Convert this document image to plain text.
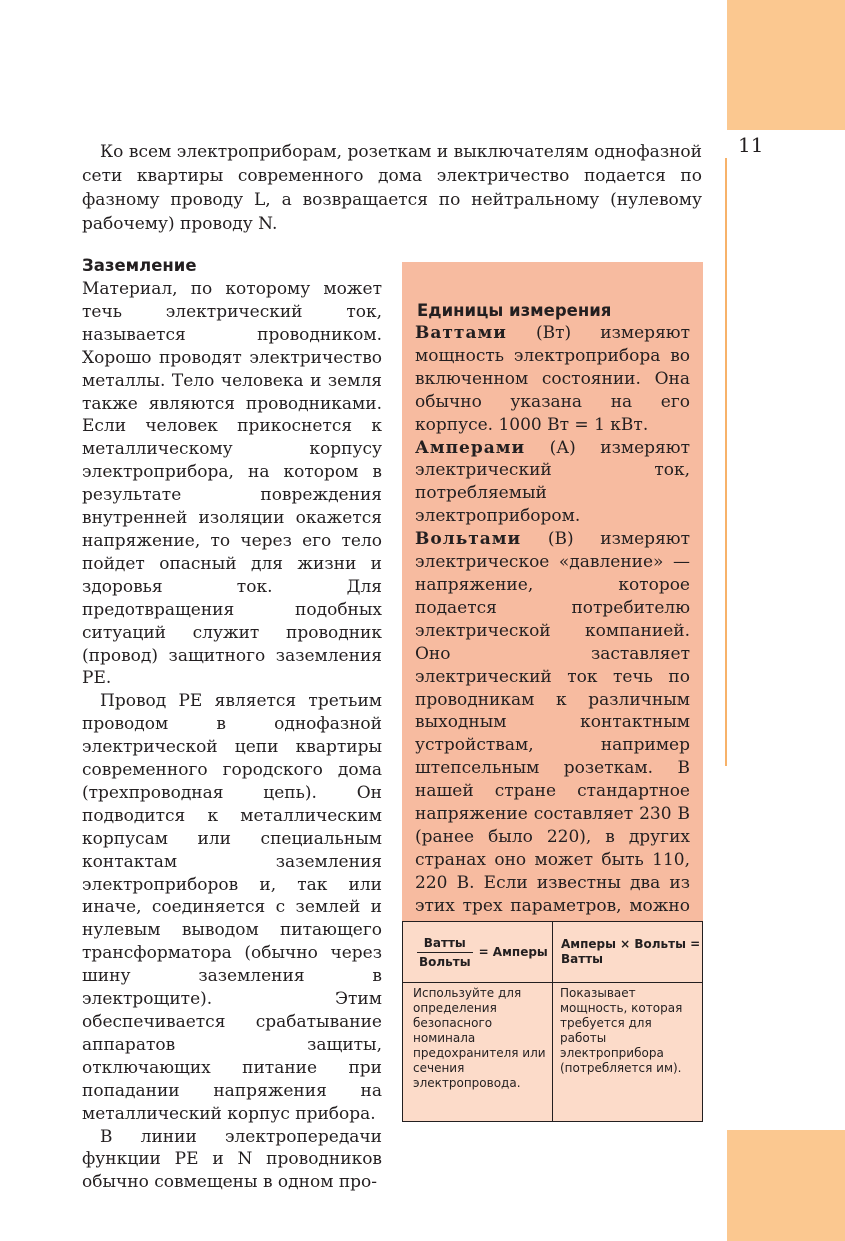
11

Ко всем электроприборам, розеткам и выключателям однофазной сети квартиры современного дома электричество подается по фазному проводу L, а возвращается по нейтральному (нулевому рабочему) проводу N.

Заземление

Материал, по которому может течь электрический ток, называется проводником. Хорошо проводят электричество металлы. Тело человека и земля также являются проводниками. Если человек прикоснется к металлическому корпусу электроприбора, на котором в результате повреждения внутренней изоляции окажется напряжение, то через его тело пойдет опасный для жизни и здоровья ток. Для предотвращения подобных ситуаций служит проводник (провод) защитного заземления PE.

Провод PE является третьим проводом в однофазной электрической цепи квартиры современного городского дома (трехпроводная цепь). Он подводится к металлическим корпусам или специальным контактам заземления электроприборов и, так или иначе, соединяется с землей и нулевым выводом питающего трансформатора (обычно через шину заземления в электрощите). Этим обеспечивается срабатывание аппаратов защиты, отключающих питание при попадании напряжения на металлический корпус прибора.

В линии электропередачи функции PE и N проводников обычно совмещены в одном про-

Единицы измерения

Ваттами (Вт) измеряют мощность электроприбора во включенном состоянии. Она обычно указана на его корпусе. 1000 Вт = 1 кВт.
Амперами (А) измеряют электрический ток, потребляемый электроприбором.
Вольтами (В) измеряют электрическое «давление» — напряжение, которое подается потребителю электрической компанией. Оно заставляет электрический ток течь по проводникам к различным выходным контактным устройствам, например штепсельным розеткам. В нашей стране стандартное напряжение составляет 230 В (ранее было 220), в других странах оно может быть 110, 220 В. Если известны два из этих трех параметров, можно

$\frac{\text{Ватты}}{\text{Вольты}}$ = Амперы	Амперы × Вольты = Ватты

Используйте для определения безопасного номинала предохранителя или сечения электропровода.	Показывает мощность, которая требуется для работы электроприбора (потребляется им).
